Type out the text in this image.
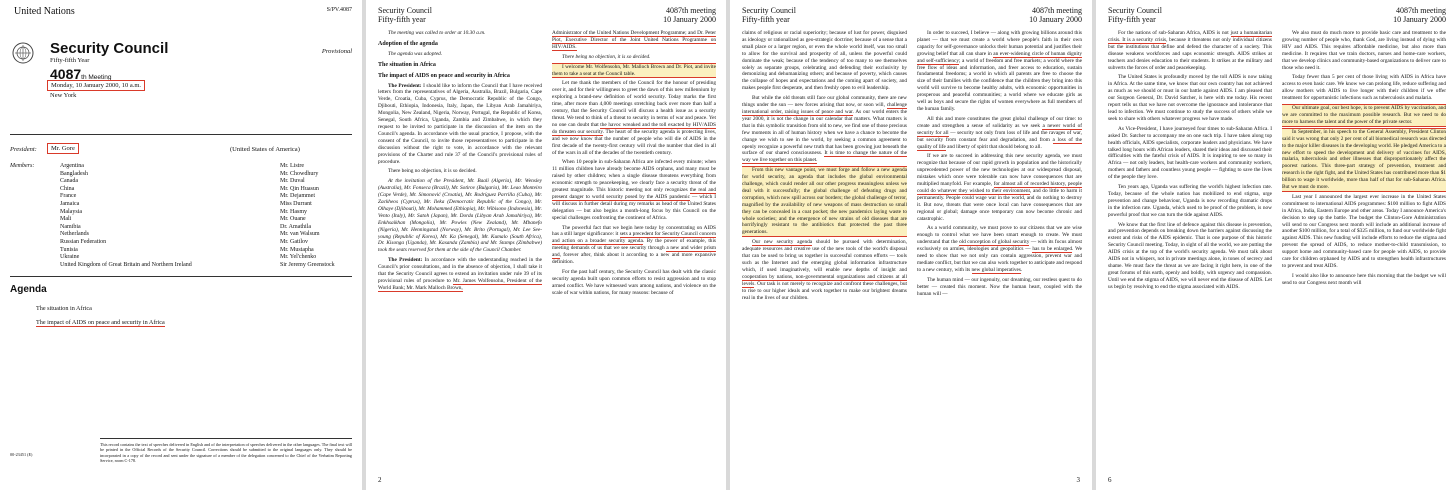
United Nations	S/PV.4087
Security Council
Fifty-fifth Year
Provisional
4087th Meeting
Monday, 10 January 2000, 10 a.m.
New York
President:	Mr. Gore	(United States of America)
Members:	Argentina	Mr. Listre
Bangladesh	Mr. Chowdhury
Canada	Mr. Duval
China	Mr. Qin Huasun
France	Mr. Dejammet
Jamaica	Miss Durrant
Malaysia	Mr. Hasmy
Mali	Mr. Ouane
Namibia	Dr. Amathila
Netherlands	Mr. van Walsum
Russian Federation	Mr. Gatilov
Tunisia	Mr. Mustapha
Ukraine	Mr. Yel'chenko
United Kingdom of Great Britain and Northern Ireland	Sir Jeremy Greenstock
Agenda
The situation in Africa
The impact of AIDS on peace and security in Africa
00-23451 (E)
This record contains the text of speeches delivered in English and of the interpretation of speeches delivered in the other languages. The final text will be printed in the Official Records of the Security Council. Corrections should be submitted to the original languages only. They should be incorporated in a copy of the record and sent under the signature of a member of the delegation concerned to the Chief of the Verbatim Reporting Service, room C-178.
Security Council
Fifty-fifth year
4087th meeting
10 January 2000

The meeting was called to order at 10.30 a.m.

Adoption of the agenda

The agenda was adopted.

The situation in Africa
The impact of AIDS on peace and security in Africa

The President: I should like to inform the Council that I have received letters from the representatives of Algeria, Australia, Brazil, Bulgaria, Cape Verde, Croatia, Cuba, Cyprus, the Democratic Republic of the Congo, Djibouti, Ethiopia, Indonesia, Italy, Japan, the Libyan Arab Jamahiriya, Mongolia, New Zealand, Nigeria, Norway, Portugal, the Republic of Korea, Senegal, South Africa, Uganda, Zambia and Zimbabwe, in which they request to be invited to participate in the discussion of the item on the Council's agenda. In accordance with the usual practice, I propose, with the consent of the Council, to invite those representatives to participate in the discussion without the right to vote, in accordance with the relevant provisions of the Charter and rule 37 of the Council's provisional rules of procedure.

There being no objection, it is so decided.

At the invitation of the President, Mr. Baali (Algeria), Mr. Wensley (Australia), Mr. Fonseca (Brazil), Mr. Sotirov (Bulgaria), Mr. Leao Monteiro (Cape Verde), Mr. Simonović (Croatia), Mr. Rodríguez Parrilla (Cuba), Mr. Zackheos (Cyprus), Mr. Ileka (Democratic Republic of the Congo), Mr. Olhaye (Djibouti), Mr. Mohammed (Ethiopia), Mr. Wibisono (Indonesia), Mr. Vento (Italy), Mr. Satoh (Japan), Mr. Dorda (Libyan Arab Jamahiriya), Mr. Enkhsaikhan (Mongolia), Mr. Powles (New Zealand), Mr. Mbanefo (Nigeria), Mr. Henningstad (Norway), Mr. Brito (Portugal), Mr. Lee See-young (Republic of Korea), Mr. Ka (Senegal), Mr. Kumalo (South Africa), Dr. Kisonga (Uganda), Mr. Kasanda (Zambia) and Mr. Stamps (Zimbabwe) took the seats reserved for them at the side of the Council Chamber.

The President: In accordance with the understanding reached in the Council's prior consultations, and in the absence of objection, I shall take it that the Security Council agrees to extend an invitation under rule 39 of its provisional rules of procedure to Mr. James Wolfensohn, President of the World Bank; Mr. Mark Malloch Brown,

Administrator of the United Nations Development Programme; and Dr. Peter Piot, Executive Director of the Joint United Nations Programme on HIV/AIDS.

There being no objection, it is so decided.

I welcome Mr. Wolfensohn, Mr. Malloch Brown and Dr. Piot, and invite them to take a seat at the Council table.

Let me thank the members of the Council for the honour of presiding over it, and for their willingness to greet the dawn of this new millennium by exploring a brand-new definition of world security. Today marks the first time, after more than 4,000 meetings stretching back over more than half a century, that the Security Council will discuss a health issue as a security threat. We tend to think of a threat to security in terms of war and peace. Yet no one can doubt that the havoc wreaked and the toll exacted by HIV/AIDS do threaten our security. The heart of the security agenda is protecting lives, and we now know that the number of people who will die of AIDS in the first decade of the twenty-first century will rival the number that died in all of the wars in all of the decades of the twentieth century.

When 10 people in sub-Saharan Africa are infected every minute; when 11 million children have already become AIDS orphans, and many must be raised by other children; when a single disease threatens everything from economic strength to peacekeeping, we clearly face a security threat of the greatest magnitude. This historic meeting not only recognizes the real and present danger to world security posed by the AIDS pandemic — which I will discuss in further detail during my remarks as head of the United States delegation — but also begins a month-long focus by this Council on the special challenges confronting the continent of Africa.

The powerful fact that we begin here today by concentrating on AIDS has a still larger significance: it sets a precedent for Security Council concern and action on a broader security agenda. By the power of example, this meeting demands of us that we see security through a new and wider prism and, forever after, think about it according to a new and more expansive definition.

For the past half century, the Security Council has dealt with the classic security agenda built upon common efforts to resist aggression and to stop armed conflict. We have witnessed wars among nations, and violence on the scale of war within nations, for many reasons: because of

2
Security Council
Fifty-fifth year
4087th meeting
10 January 2000

claims of religious or racial superiority; because of lust for power, disguised as ideology or rationalized as geo-strategic doctrine; because of a sense that a small place or a larger region, or even the whole world itself, was too small to allow for the survival and prosperity of all, unless the powerful could dominate the weak; because of the tendency of too many to see themselves solely as separate groups, celebrating and defending their exclusivity by demonizing and dehumanizing others; and because of poverty, which causes the collapse of hopes and expectations and the coming apart of society, and makes people first desperate, and then freshly open to evil leadership.

But while the old threats still face our global community, there are new things under the sun — new forces arising that now, or soon will, challenge international order, raising issues of peace and war. As our world enters the year 2000, it is not the change in our calendar that matters. What matters is that in this symbolic transition from old to new, we find one of those precious few moments in all of human history when we have a chance to become the change we wish to see in the world, by seeking a common agreement to openly recognize a powerful new truth that has been growing just beneath the surface of our shared consciousness. It is time to change the nature of the way we live together on this planet.

From this new vantage point, we must forge and follow a new agenda for world security, an agenda that includes the global environmental challenge, which could render all our other progress meaningless unless we deal with it successfully; the global challenge of defeating drugs and corruption, which now spill across our borders; the global challenge of terror, magnified by the availability of new weapons of mass destruction so small they can be concealed in a coat pocket; the new pandemics laying waste to whole societies; and the emergence of new strains of old diseases that are horrifyingly resistant to the antibiotics that protected the past three generations.

Our new security agenda should be pursued with determination, adequate resources and creative use of the new tools of the world's disposal that can be used to bring us together in successful common efforts — tools such as the Internet and the emerging global information infrastructure which, if used imaginatively, will enable new depths of insight and cooperation by nations, non-governmental organizations and citizens at all levels. Our task is not merely to recognize and confront these challenges, but to rise to our higher ideals and work together to make our brightest dreams real in the lives of our children.

In order to succeed, I believe — along with growing billions around this planet — that we must create a world where people's faith in their own capacity for self-governance unlocks their human potential and justifies their growing belief that all can share in an ever-widening circle of human dignity and self-sufficiency; a world of freedom and free markets; a world where the free flow of ideas and information, and freer access to education, sustain fundamental freedoms; a world in which all parents are free to choose the size of their families with the confidence that the children they bring into this world will survive to become healthy adults, with economic opportunities in prosperous and peaceful communities; a world where we educate girls as well as boys and secure the rights of women everywhere as full members of the human family.

All this and more constitutes the great global challenge of our time: to create and strengthen a sense of solidarity as we seek a newer world of security for all — security not only from loss of life and the ravages of war, but security from constant fear and degradation, and from a loss of the quality of life and liberty of spirit that should belong to all.

If we are to succeed in addressing this new security agenda, we must recognize that because of our rapid growth in population and the historically unprecedented power of the new technologies at our widespread disposal, mistakes which once were tolerable can now have consequences that are multiplied manyfold. For example, for almost all of recorded history, people could do whatever they wished to their environment, and do little to harm it permanently. People could wage war in the world, and do nothing to destroy it. But now, threats that were once local can have consequences that are regional or global; damage once temporary can now become chronic and catastrophic.

As a world community, we must prove to our citizens that we are wise enough to control what we have been smart enough to create. We must understand that the old conception of global security — with its focus almost exclusively on armies, ideologies and geopolitics — has to be enlarged. We need to show that we not only can contain aggression, prevent war and mediate conflict, but that we can also work together to anticipate and respond to a new century, with its new global imperatives.

The human mind — our ingenuity, our dreaming, our restless quest to do better — created this moment. Now the human heart, coupled with the human will —

3
Security Council
Fifty-fifth year
4087th meeting
10 January 2000

For the nations of sub-Saharan Africa, AIDS is not just a humanitarian crisis. It is a security crisis, because it threatens not only individual citizens but the institutions that define and defend the character of a society. This disease weakens workforces and saps economic strength. AIDS strikes at teachers and denies education to their students. It strikes at the military and subverts the forces of order and peacekeeping.

The United States is profoundly moved by the toll AIDS is now taking in Africa. At the same time, we know that our own country has not achieved as much as we should or must in our battle against AIDS. I am pleased that our Surgeon General, Dr. David Satcher, is here with me today. His recent report tells us that we have not overcome the ignorance and intolerance that lead to infection. We must continue to study the success of others while we seek to share with others whatever progress we have made.

As Vice-President, I have journeyed four times to sub-Saharan Africa. I asked Dr. Satcher to accompany me on one such trip. I have taken along top health officials, AIDS specialists, corporate leaders and physicians. We have talked long hours with African leaders, shared their ideas and discussed their difficulties with the fateful crisis of AIDS. It is inspiring to see so many in Africa — not only leaders, but health-care workers and community workers, mothers and fathers and countless young people — fighting to save the lives of the people they love.

Ten years ago, Uganda was suffering the world's highest infection rate. Today, because of the whole nation has mobilized to end stigma, urge prevention and change behaviour, Uganda is now recording dramatic drops in the infection rate. Uganda, which used to be proof of the problem, is now powerful proof that we can turn the tide against AIDS.

We know that the first line of defence against this disease is prevention, and prevention depends on breaking down the barriers against discussing the extent and risks of the AIDS epidemic. That is one purpose of this historic Security Council meeting. Today, in sight of all the world, we are putting the AIDS crisis at the top of the world's security agenda. We must talk about AIDS not in whispers, not in private meetings alone, in tones of secrecy and shame. We must face the threat as we are facing it right here, in one of the great forums of this earth, openly and boldly, with urgency and compassion. Until we end the stigma of AIDS, we will never end the disease of AIDS. Let us begin by resolving to end the stigma associated with AIDS.

We also must do much more to provide basic care and treatment to the growing number of people who, thank God, are living instead of dying with HIV and AIDS. This requires affordable medicine, but also more than medicine. It requires that we train doctors, nurses and home-care workers, that we develop clinics and community-based organizations to deliver care to those who need it.

Today fewer than 5 per cent of those living with AIDS in Africa have access to even basic care. We know we can prolong life, reduce suffering and allow mothers with AIDS to live longer with their children if we offer treatment for opportunistic infections such as tuberculosis and malaria.

Our ultimate goal, our best hope, is to prevent AIDS by vaccination, and we are committed to the maximum possible research. But we need to do more to harness the talent and the power of the private sector.

In September, in his speech to the General Assembly, President Clinton said it was wrong that only 2 per cent of all biomedical research was directed to the major killer diseases in the developing world. He pledged America to a new effort to speed the development and delivery of vaccines for AIDS, malaria, tuberculosis and other illnesses that disproportionately affect the poorest nations. This three-part strategy of prevention, treatment and research is the right fight, and the United States has contributed more than $1 billion to wage it worldwide, more than half of that for sub-Saharan Africa. But we must do more.

Last year I announced the largest ever increase in the United States commitment to international AIDS programmes: $100 million to fight AIDS in Africa, India, Eastern Europe and other areas. Today I announce America's decision to step up the battle. The budget the Clinton-Gore Administration will send to our Congress next month will include an additional increase of another $100 million, for a total of $325 million, to fund our worldwide fight against AIDS. This new funding will include efforts to reduce the stigma and prevent the spread of AIDS, to reduce mother-to-child transmission, to support home and community-based care for people with AIDS, to provide care for children orphaned by AIDS and to strengthen health infrastructures to prevent and treat AIDS.

I would also like to announce here this morning that the budget we will send to our Congress next month will

6
